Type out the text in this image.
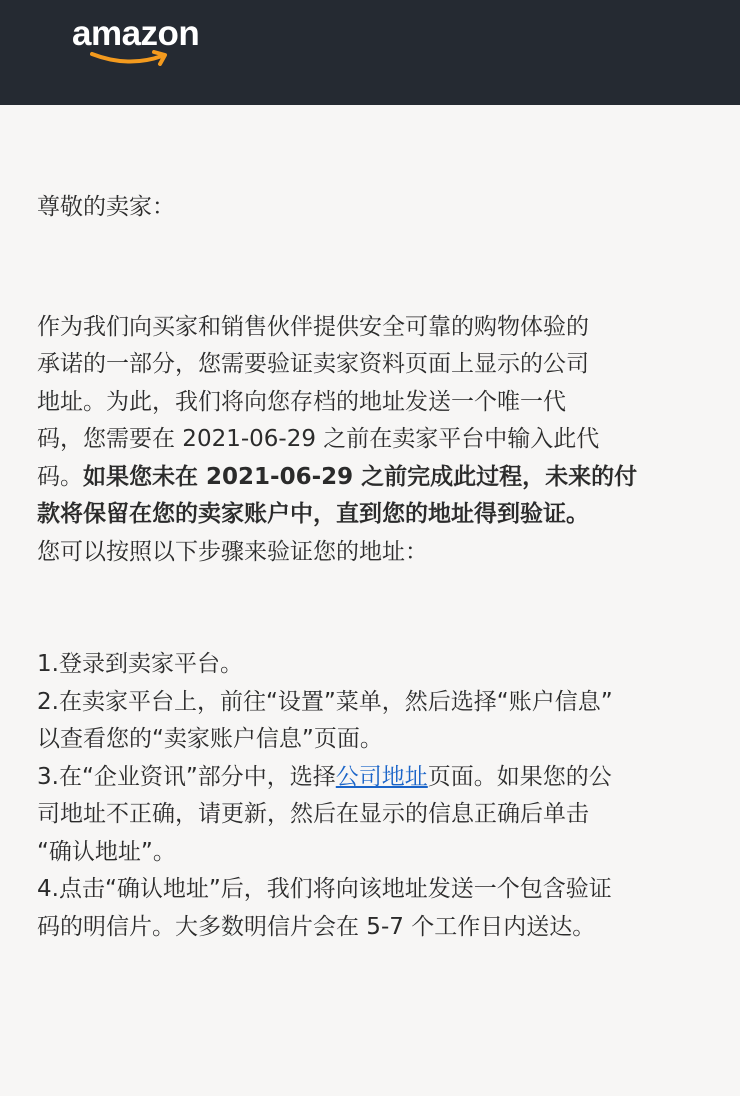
amazon
尊敬的卖家：
作为我们向买家和销售伙伴提供安全可靠的购物体验的
承诺的一部分，您需要验证卖家资料页面上显示的公司
地址。为此，我们将向您存档的地址发送一个唯一代
码，您需要在 2021-06-29 之前在卖家平台中输入此代
码。如果您未在 2021-06-29 之前完成此过程，未来的付
款将保留在您的卖家账户中，直到您的地址得到验证。
您可以按照以下步骤来验证您的地址：
1.登录到卖家平台。
2.在卖家平台上，前往“设置”菜单，然后选择“账户信息”
以查看您的“卖家账户信息”页面。
3.在“企业资讯”部分中，选择公司地址页面。如果您的公
司地址不正确，请更新，然后在显示的信息正确后单击
“确认地址”。
4.点击“确认地址”后，我们将向该地址发送一个包含验证
码的明信片。大多数明信片会在 5-7 个工作日内送达。
